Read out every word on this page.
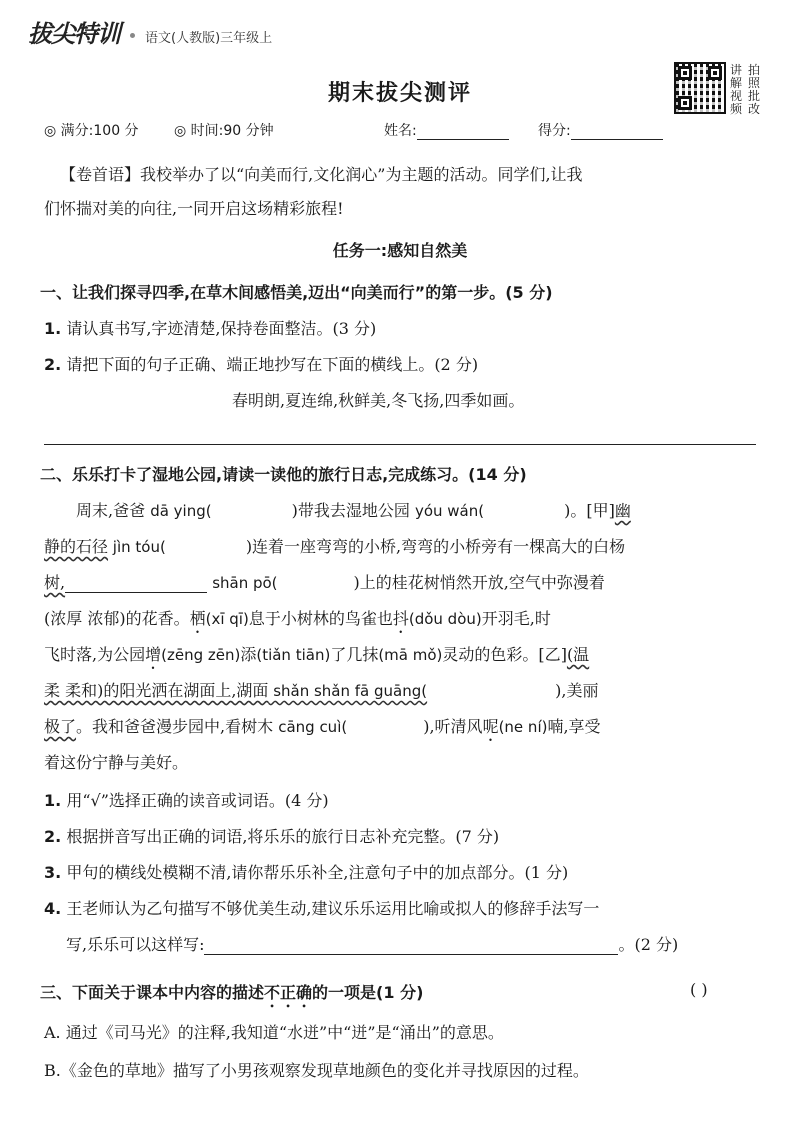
拔尖特训 语文(人教版)三年级上
期末拔尖测评
讲 拍
解 照
视 批
频 改
◎ 满分:100 分	◎ 时间:90 分钟	姓名:	得分:
【卷首语】我校举办了以“向美而行,文化润心”为主题的活动。同学们,让我
们怀揣对美的向往,一同开启这场精彩旅程!
任务一:感知自然美
一、让我们探寻四季,在草木间感悟美,迈出“向美而行”的第一步。(5 分)
1. 请认真书写,字迹清楚,保持卷面整洁。(3 分)
2. 请把下面的句子正确、端正地抄写在下面的横线上。(2 分)
春明朗,夏连绵,秋鲜美,冬飞扬,四季如画。
二、乐乐打卡了湿地公园,请读一读他的旅行日志,完成练习。(14 分)
周末,爸爸 dā ying(	)带我去湿地公园 yóu wán(	)。[甲]幽
静的石径 jìn tóu(	)连着一座弯弯的小桥,弯弯的小桥旁有一棵高大的白杨
树,	shān pō(	)上的桂花树悄然开放,空气中弥漫着
(浓厚 浓郁)的花香。栖(xī qī)息于小树林的鸟雀也抖(dǒu dòu)开羽毛,时
飞时落,为公园增(zēng zēn)添(tiǎn tiān)了几抹(mā mǒ)灵动的色彩。[乙](温
柔 柔和)的阳光洒在湖面上,湖面 shǎn shǎn fā guāng(	),美丽
极了。我和爸爸漫步园中,看树木 cāng cuì(	),听清风呢(ne ní)喃,享受
着这份宁静与美好。
1. 用“√”选择正确的读音或词语。(4 分)
2. 根据拼音写出正确的词语,将乐乐的旅行日志补充完整。(7 分)
3. 甲句的横线处模糊不清,请你帮乐乐补全,注意句子中的加点部分。(1 分)
4. 王老师认为乙句描写不够优美生动,建议乐乐运用比喻或拟人的修辞手法写一
写,乐乐可以这样写:	。(2 分)
三、下面关于课本中内容的描述不正确的一项是(1 分)	( )
A. 通过《司马光》的注释,我知道“水迸”中“迸”是“涌出”的意思。
B.《金色的草地》描写了小男孩观察发现草地颜色的变化并寻找原因的过程。
